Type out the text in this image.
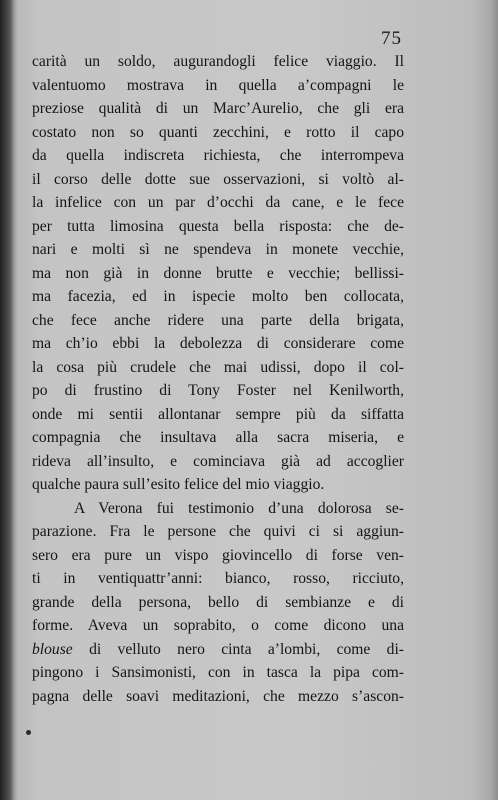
75
carità un soldo, augurandogli felice viaggio. Il
valentuomo mostrava in quella a’compagni le
preziose qualità di un Marc’Aurelio, che gli era
costato non so quanti zecchini, e rotto il capo
da quella indiscreta richiesta, che interrompeva
il corso delle dotte sue osservazioni, si voltò al-
la infelice con un par d’occhi da cane, e le fece
per tutta limosina questa bella risposta: che de-
nari e molti sì ne spendeva in monete vecchie,
ma non già in donne brutte e vecchie; bellissi-
ma facezia, ed in ispecie molto ben collocata,
che fece anche ridere una parte della brigata,
ma ch’io ebbi la debolezza di considerare come
la cosa più crudele che mai udissi, dopo il col-
po di frustino di Tony Foster nel Kenilworth,
onde mi sentii allontanar sempre più da siffatta
compagnia che insultava alla sacra miseria, e
rideva all’insulto, e cominciava già ad accoglier
qualche paura sull’esito felice del mio viaggio.
A Verona fui testimonio d’una dolorosa se-
parazione. Fra le persone che quivi ci si aggiun-
sero era pure un vispo giovincello di forse ven-
ti in ventiquattr’anni: bianco, rosso, ricciuto,
grande della persona, bello di sembianze e di
forme. Aveva un soprabito, o come dicono una
blouse di velluto nero cinta a’lombi, come di-
pingono i Sansimonisti, con in tasca la pipa com-
pagna delle soavi meditazioni, che mezzo s’ascon-
